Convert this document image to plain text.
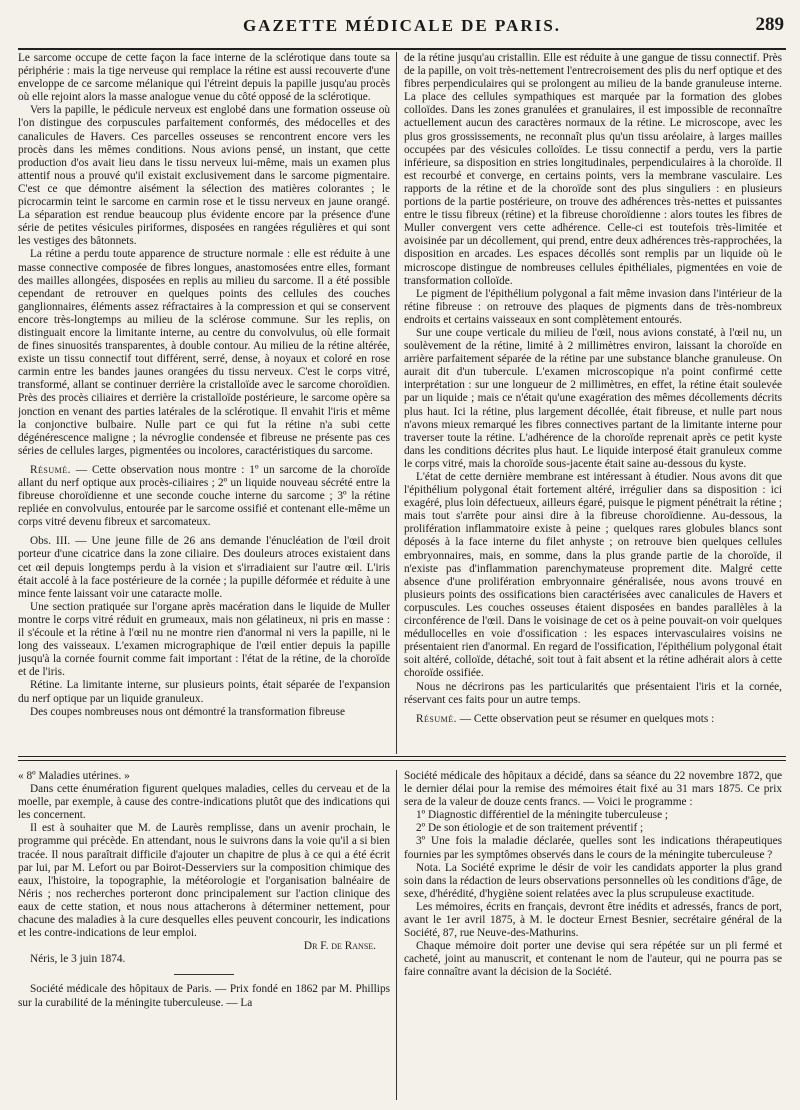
GAZETTE MÉDICALE DE PARIS.	289

Le sarcome occupe de cette façon la face interne de la sclérotique dans toute sa périphérie : mais la tige nerveuse qui remplace la rétine est aussi recouverte d'une enveloppe de ce sarcome mélanique qui l'étreint depuis la papille jusqu'au procès où elle rejoint alors la masse analogue venue du côté opposé de la sclérotique.

Vers la papille, le pédicule nerveux est englobé dans une formation osseuse où l'on distingue des corpuscules parfaitement conformés, des médocelles et des canalicules de Havers. Ces parcelles osseuses se rencontrent encore vers les procès dans les mêmes conditions. Nous avions pensé, un instant, que cette production d'os avait lieu dans le tissu nerveux lui-même, mais un examen plus attentif nous a prouvé qu'il existait exclusivement dans le sarcome pigmentaire. C'est ce que démontre aisément la sélection des matières colorantes ; le picrocarmin teint le sarcome en carmin rose et le tissu nerveux en jaune orangé. La séparation est rendue beaucoup plus évidente encore par la présence d'une série de petites vésicules piriformes, disposées en rangées régulières et qui sont les vestiges des bâtonnets.

La rétine a perdu toute apparence de structure normale : elle est réduite à une masse connective composée de fibres longues, anastomosées entre elles, formant des mailles allongées, disposées en replis au milieu du sarcome. Il a été possible cependant de retrouver en quelques points des cellules des couches ganglionnaires, éléments assez réfractaires à la compression et qui se conservent encore très-longtemps au milieu de la sclérose commune. Sur les replis, on distinguait encore la limitante interne, au centre du convolvulus, où elle formait de fines sinuosités transparentes, à double contour. Au milieu de la rétine altérée, existe un tissu connectif tout différent, serré, dense, à noyaux et coloré en rose carmin entre les bandes jaunes orangées du tissu nerveux. C'est le corps vitré, transformé, allant se continuer derrière la cristalloïde avec le sarcome choroïdien. Près des procès ciliaires et derrière la cristalloïde postérieure, le sarcome opère sa jonction en venant des parties latérales de la sclérotique. Il envahit l'iris et même la conjonctive bulbaire. Nulle part ce qui fut la rétine n'a subi cette dégénérescence maligne ; la névroglie condensée et fibreuse ne présente pas ces séries de cellules larges, pigmentées ou incolores, caractéristiques du sarcome.

Résumé. — Cette observation nous montre : 1º un sarcome de la choroïde allant du nerf optique aux procès-ciliaires ; 2º un liquide nouveau sécrété entre la fibreuse choroïdienne et une seconde couche interne du sarcome ; 3º la rétine repliée en convolvulus, entourée par le sarcome ossifié et contenant elle-même un corps vitré devenu fibreux et sarcomateux.

Obs. III. — Une jeune fille de 26 ans demande l'énucléation de l'œil droit porteur d'une cicatrice dans la zone ciliaire. Des douleurs atroces existaient dans cet œil depuis longtemps perdu à la vision et s'irradiaient sur l'autre œil. L'iris était accolé à la face postérieure de la cornée ; la pupille déformée et réduite à une mince fente laissant voir une cataracte molle.

Une section pratiquée sur l'organe après macération dans le liquide de Muller montre le corps vitré réduit en grumeaux, mais non gélatineux, ni pris en masse : il s'écoule et la rétine à l'œil nu ne montre rien d'anormal ni vers la papille, ni le long des vaisseaux. L'examen micrographique de l'œil entier depuis la papille jusqu'à la cornée fournit comme fait important : l'état de la rétine, de la choroïde et de l'iris.

Rétine. La limitante interne, sur plusieurs points, était séparée de l'expansion du nerf optique par un liquide granuleux.

Des coupes nombreuses nous ont démontré la transformation fibreuse

de la rétine jusqu'au cristallin. Elle est réduite à une gangue de tissu connectif. Près de la papille, on voit très-nettement l'entrecroisement des plis du nerf optique et des fibres perpendiculaires qui se prolongent au milieu de la bande granuleuse interne. La place des cellules sympathiques est marquée par la formation des globes colloïdes. Dans les zones granulées et granulaires, il est impossible de reconnaître actuellement aucun des caractères normaux de la rétine. Le microscope, avec les plus gros grossissements, ne reconnaît plus qu'un tissu aréolaire, à larges mailles occupées par des vésicules colloïdes. Le tissu connectif a perdu, vers la partie inférieure, sa disposition en stries longitudinales, perpendiculaires à la choroïde. Il est recourbé et converge, en certains points, vers la membrane vasculaire. Les rapports de la rétine et de la choroïde sont des plus singuliers : en plusieurs portions de la partie postérieure, on trouve des adhérences très-nettes et puissantes entre le tissu fibreux (rétine) et la fibreuse choroïdienne : alors toutes les fibres de Muller convergent vers cette adhérence. Celle-ci est toutefois très-limitée et avoisinée par un décollement, qui prend, entre deux adhérences très-rapprochées, la disposition en arcades. Les espaces décollés sont remplis par un liquide où le microscope distingue de nombreuses cellules épithéliales, pigmentées en voie de transformation colloïde.

Le pigment de l'épithélium polygonal a fait même invasion dans l'intérieur de la rétine fibreuse : on retrouve des plaques de pigments dans de très-nombreux endroits et certains vaisseaux en sont complètement entourés.

Sur une coupe verticale du milieu de l'œil, nous avions constaté, à l'œil nu, un soulèvement de la rétine, limité à 2 millimètres environ, laissant la choroïde en arrière parfaitement séparée de la rétine par une substance blanche granuleuse. On aurait dit d'un tubercule. L'examen microscopique n'a point confirmé cette interprétation : sur une longueur de 2 millimètres, en effet, la rétine était soulevée par un liquide ; mais ce n'était qu'une exagération des mêmes décollements décrits plus haut. Ici la rétine, plus largement décollée, était fibreuse, et nulle part nous n'avons mieux remarqué les fibres connectives partant de la limitante interne pour traverser toute la rétine. L'adhérence de la choroïde reprenait après ce petit kyste dans les conditions décrites plus haut. Le liquide interposé était granuleux comme le corps vitré, mais la choroïde sous-jacente était saine au-dessous du kyste.

L'état de cette dernière membrane est intéressant à étudier. Nous avons dit que l'épithélium polygonal était fortement altéré, irrégulier dans sa disposition : ici exagéré, plus loin défectueux, ailleurs égaré, puisque le pigment pénétrait la rétine ; mais tout s'arrête pour ainsi dire à la fibreuse choroïdienne. Au-dessous, la prolifération inflammatoire existe à peine ; quelques rares globules blancs sont déposés à la face interne du filet anhyste ; on retrouve bien quelques cellules embryonnaires, mais, en somme, dans la plus grande partie de la choroïde, il n'existe pas d'inflammation parenchymateuse proprement dite. Malgré cette absence d'une prolifération embryonnaire généralisée, nous avons trouvé en plusieurs points des ossifications bien caractérisées avec canalicules de Havers et corpuscules. Les couches osseuses étaient disposées en bandes parallèles à la circonférence de l'œil. Dans le voisinage de cet os à peine pouvait-on voir quelques médullocelles en voie d'ossification : les espaces intervasculaires voisins ne présentaient rien d'anormal. En regard de l'ossification, l'épithélium polygonal était soit altéré, colloïde, détaché, soit tout à fait absent et la rétine adhérait alors à cette choroïde ossifiée.

Nous ne décrirons pas les particularités que présentaient l'iris et la cornée, réservant ces faits pour un autre temps.

Résumé. — Cette observation peut se résumer en quelques mots :

« 8º Maladies utérines. »

Dans cette énumération figurent quelques maladies, celles du cerveau et de la moelle, par exemple, à cause des contre-indications plutôt que des indications qui les concernent.

Il est à souhaiter que M. de Laurès remplisse, dans un avenir prochain, le programme qui précède. En attendant, nous le suivrons dans la voie qu'il a si bien tracée. Il nous paraîtrait difficile d'ajouter un chapitre de plus à ce qui a été écrit par lui, par M. Lefort ou par Boirot-Desserviers sur la composition chimique des eaux, l'histoire, la topographie, la météorologie et l'organisation balnéaire de Néris ; nos recherches porteront donc principalement sur l'action clinique des eaux de cette station, et nous nous attacherons à déterminer nettement, pour chacune des maladies à la cure desquelles elles peuvent concourir, les indications et les contre-indications de leur emploi.

Dr F. de Ranse.

Néris, le 3 juin 1874.

Société médicale des hôpitaux de Paris. — Prix fondé en 1862 par M. Phillips sur la curabilité de la méningite tuberculeuse. — La

Société médicale des hôpitaux a décidé, dans sa séance du 22 novembre 1872, que le dernier délai pour la remise des mémoires était fixé au 31 mars 1875. Ce prix sera de la valeur de douze cents francs. — Voici le programme :

1º Diagnostic différentiel de la méningite tuberculeuse ;

2º De son étiologie et de son traitement préventif ;

3º Une fois la maladie déclarée, quelles sont les indications thérapeutiques fournies par les symptômes observés dans le cours de la méningite tuberculeuse ?

Nota. La Société exprime le désir de voir les candidats apporter la plus grand soin dans la rédaction de leurs observations personnelles où les conditions d'âge, de sexe, d'hérédité, d'hygiène soient relatées avec la plus scrupuleuse exactitude.

Les mémoires, écrits en français, devront être inédits et adressés, francs de port, avant le 1er avril 1875, à M. le docteur Ernest Besnier, secrétaire général de la Société, 87, rue Neuve-des-Mathurins.

Chaque mémoire doit porter une devise qui sera répétée sur un pli fermé et cacheté, joint au manuscrit, et contenant le nom de l'auteur, qui ne pourra pas se faire connaître avant la décision de la Société.
